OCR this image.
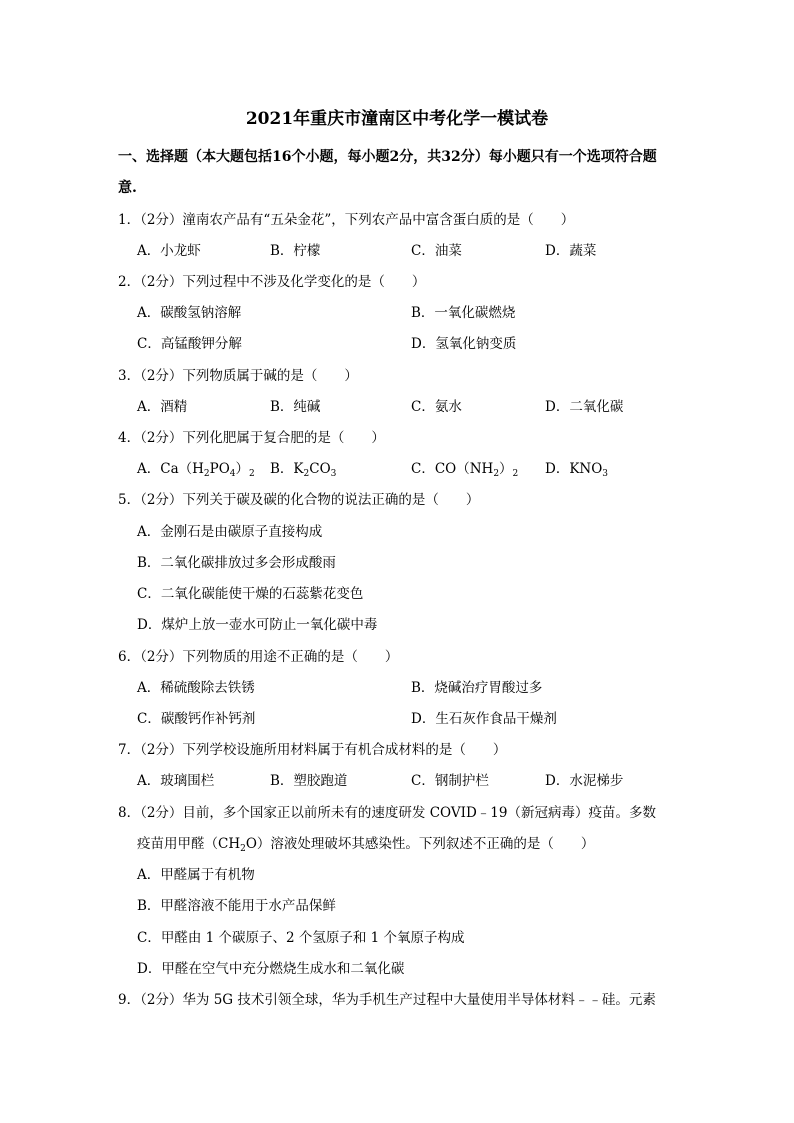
2021年重庆市潼南区中考化学一模试卷
一、选择题（本大题包括16个小题，每小题2分，共32分）每小题只有一个选项符合题
意.
1．（2分）潼南农产品有“五朵金花”，下列农产品中富含蛋白质的是（　　）
A．小龙虾	B．柠檬	C．油菜	D．蔬菜
2．（2分）下列过程中不涉及化学变化的是（　　）
A．碳酸氢钠溶解	B．一氧化碳燃烧
C．高锰酸钾分解	D．氢氧化钠变质
3．（2分）下列物质属于碱的是（　　）
A．酒精	B．纯碱	C．氨水	D．二氧化碳
4．（2分）下列化肥属于复合肥的是（　　）
A．$Ca(H_2PO_4)_2$ B．$K_2CO_3$	C．$CO(NH_2)_2$ D．$KNO_3$
5．（2分）下列关于碳及碳的化合物的说法正确的是（　　）
A．金刚石是由碳原子直接构成
B．二氧化碳排放过多会形成酸雨
C．二氧化碳能使干燥的石蕊紫花变色
D．煤炉上放一壶水可防止一氧化碳中毒
6．（2分）下列物质的用途不正确的是（　　）
A．稀硫酸除去铁锈	B．烧碱治疗胃酸过多
C．碳酸钙作补钙剂	D．生石灰作食品干燥剂
7．（2分）下列学校设施所用材料属于有机合成材料的是（　　）
A．玻璃围栏	B．塑胶跑道	C．钢制护栏	D．水泥梯步
8．（2分）目前，多个国家正以前所未有的速度研发 COVID﹣19（新冠病毒）疫苗。多数
疫苗用甲醛$(CH_2O)$溶液处理破坏其感染性。下列叙述不正确的是（　　）
A．甲醛属于有机物
B．甲醛溶液不能用于水产品保鲜
C．甲醛由 1 个碳原子、2 个氢原子和 1 个氧原子构成
D．甲醛在空气中充分燃烧生成水和二氧化碳
9．（2分）华为 5G 技术引领全球，华为手机生产过程中大量使用半导体材料﹣﹣硅。元素
